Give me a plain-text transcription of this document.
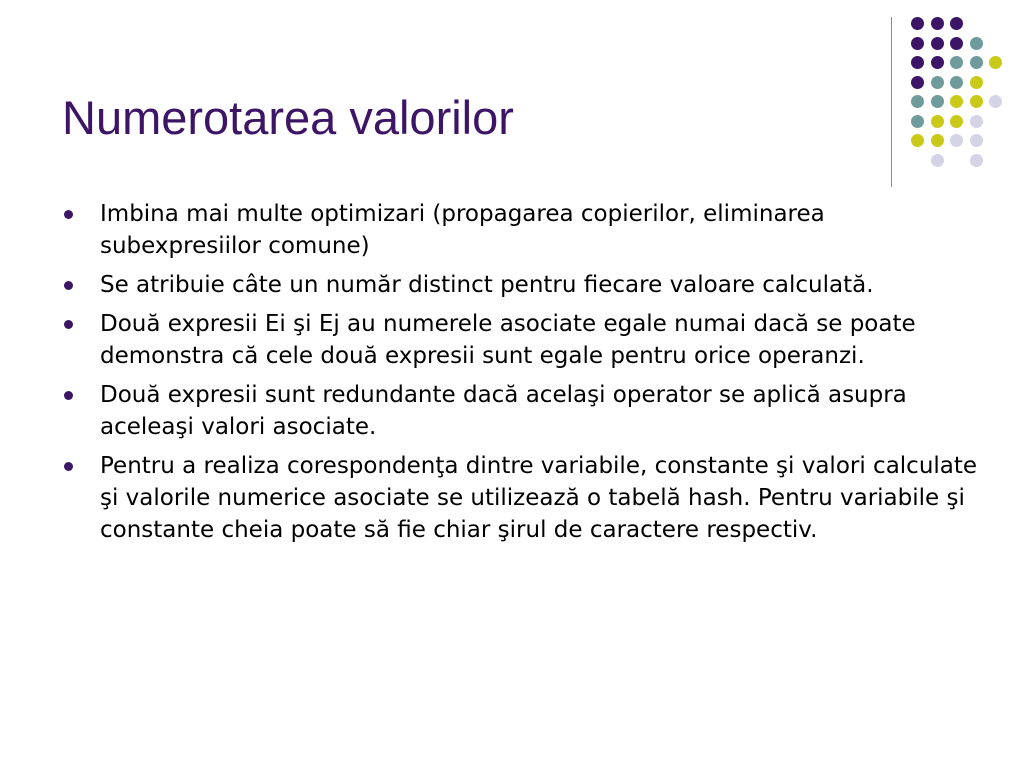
Numerotarea valorilor
Imbina mai multe optimizari (propagarea copierilor, eliminarea subexpresiilor comune)
Se atribuie câte un număr distinct pentru fiecare valoare calculată.
Două expresii Ei şi Ej au numerele asociate egale numai dacă se poate demonstra că cele două expresii sunt egale pentru orice operanzi.
Două expresii sunt redundante dacă acelaşi operator se aplică asupra aceleaşi valori asociate.
Pentru a realiza corespondenţa dintre variabile, constante şi valori calculate şi valorile numerice asociate se utilizează o tabelă hash. Pentru variabile şi constante cheia poate să fie chiar şirul de caractere respectiv.
